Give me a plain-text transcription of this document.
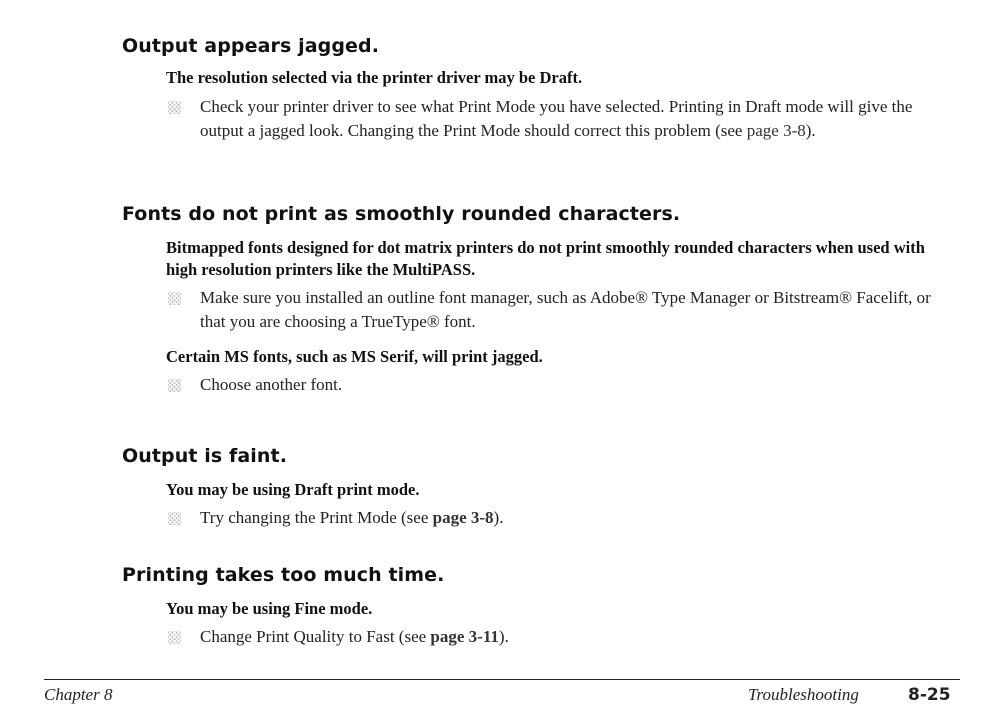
Output appears jagged.

The resolution selected via the printer driver may be Draft.

Check your printer driver to see what Print Mode you have selected. Printing in Draft mode will give the output a jagged look. Changing the Print Mode should correct this problem (see page 3-8).
Fonts do not print as smoothly rounded characters.

Bitmapped fonts designed for dot matrix printers do not print smoothly rounded characters when used with high resolution printers like the MultiPASS.

Make sure you installed an outline font manager, such as Adobe® Type Manager or Bitstream® Facelift, or that you are choosing a TrueType® font.

Certain MS fonts, such as MS Serif, will print jagged.

Choose another font.
Output is faint.

You may be using Draft print mode.

Try changing the Print Mode (see page 3-8).
Printing takes too much time.

You may be using Fine mode.

Change Print Quality to Fast (see page 3-11).
Chapter 8	Troubleshooting	8-25
